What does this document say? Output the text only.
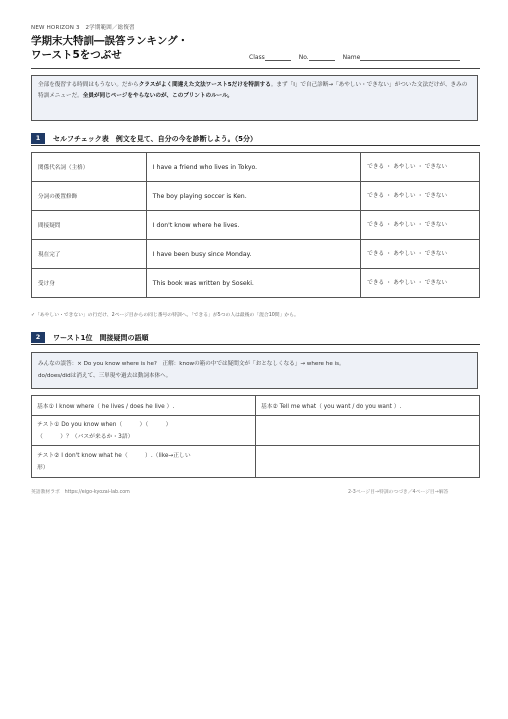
NEW HORIZON 3　2学期範囲／総復習
学期末大特訓―誤答ランキング・
ワースト5をつぶせ	Class	No.	Name
全部を復習する時間はもうない。だからクラスがよく間違えた文法ワースト5だけを特訓する。まず「Ⅰ」で自己診断→「あやしい・できない」がついた文法だけが、きみの特訓メニューだ。全員が同じページをやらないのが、このプリントのルール。
1	セルフチェック表　例文を見て、自分の今を診断しよう。（5分）
関係代名詞（主格）	I have a friend who lives in Tokyo.	できる ・ あやしい ・ できない
分詞の後置修飾	The boy playing soccer is Ken.	できる ・ あやしい ・ できない
間接疑問	I don't know where he lives.	できる ・ あやしい ・ できない
現在完了	I have been busy since Monday.	できる ・ あやしい ・ できない
受け身	This book was written by Soseki.	できる ・ あやしい ・ できない
✓「あやしい・できない」の行だけ、2ページ目からの同じ番号の特訓へ。「できる」が5つの人は最後の「混合10問」から。
2	ワースト1位　間接疑問の語順
みんなの誤答：× Do you know where is he?　正解：knowの箱の中では疑問文が「おとなしくなる」→ where he is。
do/does/didは消えて、三単現や過去は動詞本体へ。
基本① I know where（ he lives / does he live ）.	基本② Tell me what（ you want / do you want ）.

テスト① Do you know when（　　　）（　　　）
（　　　）？（バスが来るか・3語）	

テスト② I don't know what he（　　　）.（like→正しい
形）	

英語教材ラボ　https://eigo-kyozai-lab.com	2-3ページ目→特訓のつづき／4ページ目→解答
